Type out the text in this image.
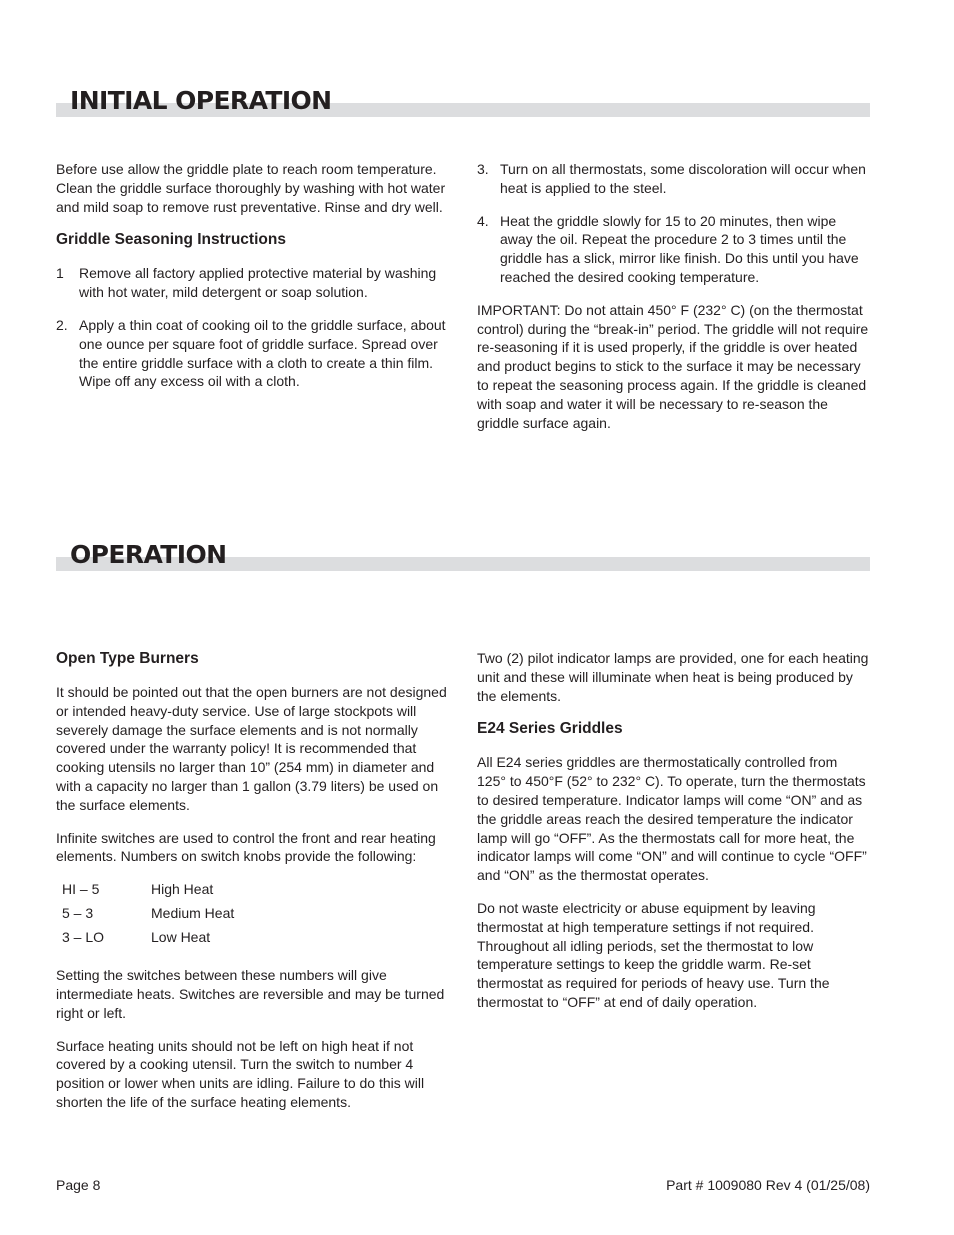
INITIAL OPERATION

Before use allow the griddle plate to reach room temperature. Clean the griddle surface thoroughly by washing with hot water and mild soap to remove rust preventative. Rinse and dry well.

Griddle Seasoning Instructions
1 Remove all factory applied protective material by washing with hot water, mild detergent or soap solution.
2. Apply a thin coat of cooking oil to the griddle surface, about one ounce per square foot of griddle surface. Spread over the entire griddle surface with a cloth to create a thin film. Wipe off any excess oil with a cloth.
3. Turn on all thermostats, some discoloration will occur when heat is applied to the steel.
4. Heat the griddle slowly for 15 to 20 minutes, then wipe away the oil. Repeat the procedure 2 to 3 times until the griddle has a slick, mirror like finish. Do this until you have reached the desired cooking temperature.

IMPORTANT: Do not attain 450° F (232° C) (on the thermostat control) during the “break-in” period. The griddle will not require re-seasoning if it is used properly, if the griddle is over heated and product begins to stick to the surface it may be necessary to repeat the seasoning process again. If the griddle is cleaned with soap and water it will be necessary to re-season the griddle surface again.

OPERATION
Open Type Burners

It should be pointed out that the open burners are not designed or intended heavy-duty service. Use of large stockpots will severely damage the surface elements and is not normally covered under the warranty policy! It is recommended that cooking utensils no larger than 10” (254 mm) in diameter and with a capacity no larger than 1 gallon (3.79 liters) be used on the surface elements.

Infinite switches are used to control the front and rear heating elements. Numbers on switch knobs provide the following:

HI – 5	High Heat
5 – 3	Medium Heat
3 – LO	Low Heat

Setting the switches between these numbers will give intermediate heats. Switches are reversible and may be turned right or left.

Surface heating units should not be left on high heat if not covered by a cooking utensil. Turn the switch to number 4 position or lower when units are idling. Failure to do this will shorten the life of the surface heating elements.

Two (2) pilot indicator lamps are provided, one for each heating unit and these will illuminate when heat is being produced by the elements.

E24 Series Griddles

All E24 series griddles are thermostatically controlled from 125° to 450°F (52° to 232° C). To operate, turn the thermostats to desired temperature. Indicator lamps will come “ON” and as the griddle areas reach the desired temperature the indicator lamp will go “OFF”. As the thermostats call for more heat, the indicator lamps will come “ON” and will continue to cycle “OFF” and “ON” as the thermostat operates.

Do not waste electricity or abuse equipment by leaving thermostat at high temperature settings if not required. Throughout all idling periods, set the thermostat to low temperature settings to keep the griddle warm. Re-set thermostat as required for periods of heavy use. Turn the thermostat to “OFF” at end of daily operation.

Page 8	Part # 1009080 Rev 4 (01/25/08)
